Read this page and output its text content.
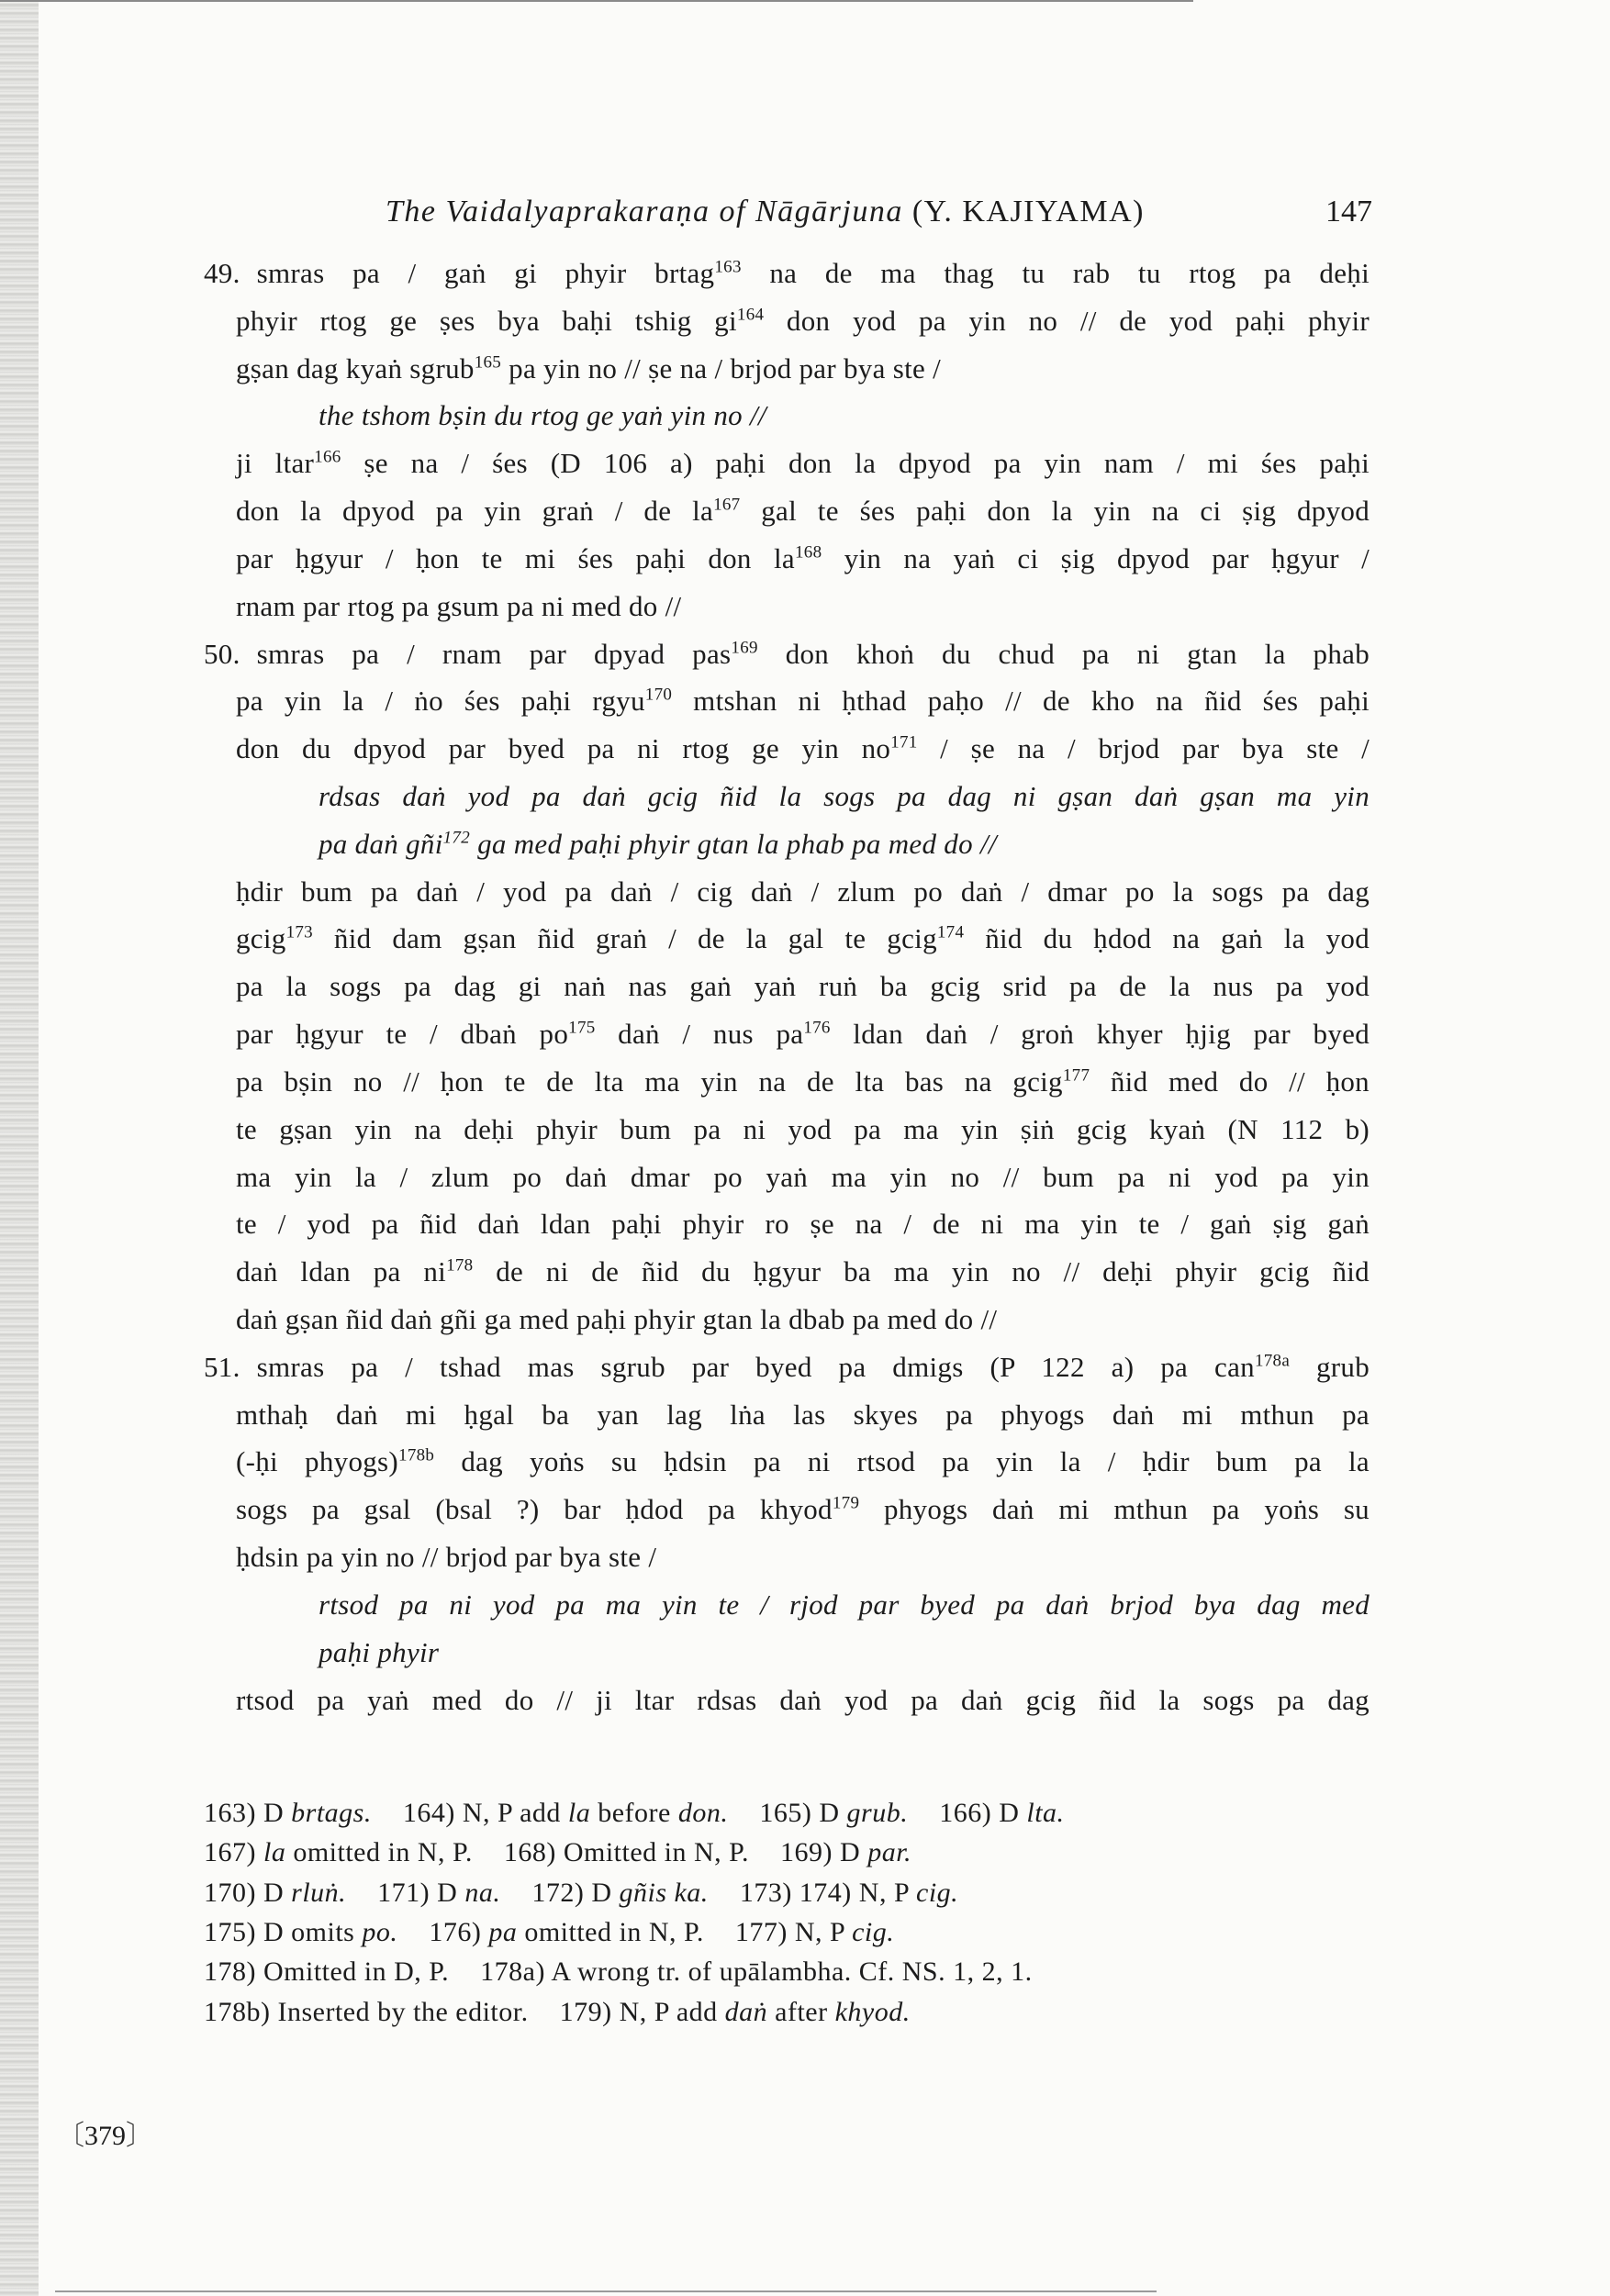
The Vaidalyaprakaraṇa of Nāgārjuna (Y. KAJIYAMA)	147
49. smras pa / gaṅ gi phyir brtag$^{163}$ na de ma thag tu rab tu rtog pa deḥi
phyir rtog ge ṣes bya baḥi tshig $gi^{164}$ don yod pa yin no // de yod paḥi phyir
gṣan dag kyaṅ sgrub$^{165}$ pa yin no // ṣe na / brjod par bya ste /
the tshom bṣin du rtog ge yaṅ yin no //
ji ltar$^{166}$ ṣe na / śes (D 106 a) paḥi don la dpyod pa yin nam / mi śes paḥi
don la dpyod pa yin graṅ / de $la^{167}$ gal te śes paḥi don la yin na ci ṣig dpyod
par ḥgyur / ḥon te mi śes paḥi don $la^{168}$ yin na yaṅ ci ṣig dpyod par ḥgyur /
rnam par rtog pa gsum pa ni med do //
50. smras pa / rnam par dpyad pas$^{169}$ don khoṅ du chud pa ni gtan la phab
pa yin la / ṅo śes paḥi rgyu$^{170}$ mtshan ni ḥthad paḥo // de kho na ñid śes paḥi
don du dpyod par byed pa ni rtog ge yin $no^{171}$ / ṣe na / brjod par bya ste /
rdsas daṅ yod pa daṅ gcig ñid la sogs pa dag ni gṣan daṅ gṣan ma yin
pa daṅ gñi$^{172}$ ga med paḥi phyir gtan la phab pa med do //
ḥdir bum pa daṅ / yod pa daṅ / cig daṅ / zlum po daṅ / dmar po la sogs pa dag
gcig$^{173}$ ñid dam gṣan ñid graṅ / de la gal te gcig$^{174}$ ñid du ḥdod na gaṅ la yod
pa la sogs pa dag gi naṅ nas gaṅ yaṅ ruṅ ba gcig srid pa de la nus pa yod
par ḥgyur te / dbaṅ $po^{175}$ daṅ / nus $pa^{176}$ ldan daṅ / groṅ khyer ḥjig par byed
pa bṣin no // ḥon te de lta ma yin na de lta bas na gcig$^{177}$ ñid med do // ḥon
te gṣan yin na deḥi phyir bum pa ni yod pa ma yin ṣiṅ gcig kyaṅ (N 112 b)
ma yin la / zlum po daṅ dmar po yaṅ ma yin no // bum pa ni yod pa yin
te / yod pa ñid daṅ ldan paḥi phyir ro ṣe na / de ni ma yin te / gaṅ ṣig gaṅ
daṅ ldan pa $ni^{178}$ de ni de ñid du ḥgyur ba ma yin no // deḥi phyir gcig ñid
daṅ gṣan ñid daṅ gñi ga med paḥi phyir gtan la dbab pa med do //
51. smras pa / tshad mas sgrub par byed pa dmigs (P 122 a) pa can$^{178a}$ grub
mthaḥ daṅ mi ḥgal ba yan lag lṅa las skyes pa phyogs daṅ mi mthun pa
(-ḥi phyogs)$^{178b}$ dag yoṅs su ḥdsin pa ni rtsod pa yin la / ḥdir bum pa la
sogs pa gsal (bsal ?) bar ḥdod pa khyod$^{179}$ phyogs daṅ mi mthun pa yoṅs su
ḥdsin pa yin no // brjod par bya ste /
rtsod pa ni yod pa ma yin te / rjod par byed pa daṅ brjod bya dag med
paḥi phyir
rtsod pa yaṅ med do // ji ltar rdsas daṅ yod pa daṅ gcig ñid la sogs pa dag
163) D brtags. 164) N, P add la before don. 165) D grub. 166) D lta.
167) la omitted in N, P. 168) Omitted in N, P. 169) D par.
170) D rluṅ. 171) D na. 172) D gñis ka. 173) 174) N, P cig.
175) D omits po. 176) pa omitted in N, P. 177) N, P cig.
178) Omitted in D, P. 178a) A wrong tr. of upālambha. Cf. NS. 1, 2, 1.
178b) Inserted by the editor. 179) N, P add daṅ after khyod.
〔379〕
